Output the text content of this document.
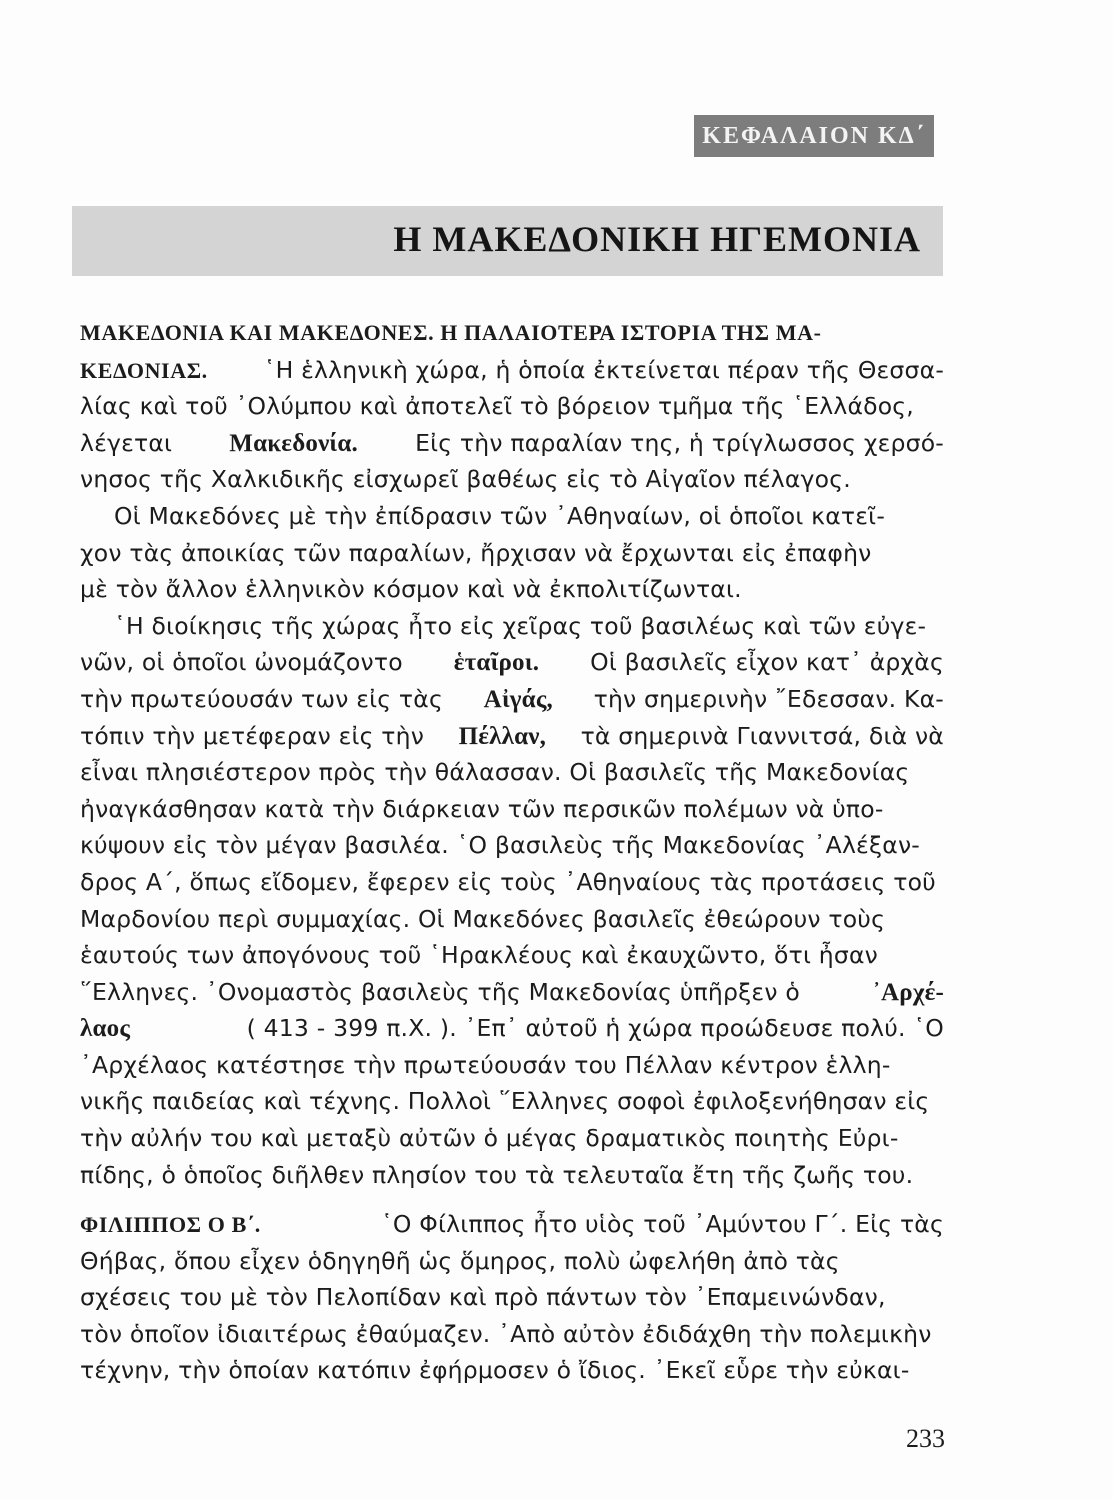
ΚΕΦΑΛΑΙΟΝ ΚΔ΄
Η ΜΑΚΕΔΟΝΙΚΗ ΗΓΕΜΟΝΙΑ
ΜΑΚΕΔΟΝΙΑ ΚΑΙ ΜΑΚΕΔΟΝΕΣ. Η ΠΑΛΑΙΟΤΕΡΑ ΙΣΤΟΡΙΑ ΤΗΣ ΜΑ-
ΚΕΔΟΝΙΑΣ. ῾Η ἑλληνικὴ χώρα, ἡ ὁποία ἐκτείνεται πέραν τῆς Θεσσα-
λίας καὶ τοῦ ᾿Ολύμπου καὶ ἀποτελεῖ τὸ βόρειον τμῆμα τῆς ῾Ελλάδος,
λέγεται Μακεδονία. Εἰς τὴν παραλίαν της, ἡ τρίγλωσσος χερσό-
νησος τῆς Χαλκιδικῆς εἰσχωρεῖ βαθέως εἰς τὸ Αἰγαῖον πέλαγος.
Οἱ Μακεδόνες μὲ τὴν ἐπίδρασιν τῶν ᾿Αθηναίων, οἱ ὁποῖοι κατεῖ-
χον τὰς ἀποικίας τῶν παραλίων, ἤρχισαν νὰ ἔρχωνται εἰς ἐπαφὴν
μὲ τὸν ἄλλον ἑλληνικὸν κόσμον καὶ νὰ ἐκπολιτίζωνται.
῾Η διοίκησις τῆς χώρας ἦτο εἰς χεῖρας τοῦ βασιλέως καὶ τῶν εὐγε-
νῶν, οἱ ὁποῖοι ὠνομάζοντο ἑταῖροι. Οἱ βασιλεῖς εἶχον κατ᾿ ἀρχὰς
τὴν πρωτεύουσάν των εἰς τὰς Αἰγάς, τὴν σημερινὴν ῎Εδεσσαν. Κα-
τόπιν τὴν μετέφεραν εἰς τὴν Πέλλαν, τὰ σημερινὰ Γιαννιτσά, διὰ νὰ
εἶναι πλησιέστερον πρὸς τὴν θάλασσαν. Οἱ βασιλεῖς τῆς Μακεδονίας
ἠναγκάσθησαν κατὰ τὴν διάρκειαν τῶν περσικῶν πολέμων νὰ ὑπο-
κύψουν εἰς τὸν μέγαν βασιλέα. ῾Ο βασιλεὺς τῆς Μακεδονίας ᾿Αλέξαν-
δρος Α΄, ὅπως εἴδομεν, ἔφερεν εἰς τοὺς ᾿Αθηναίους τὰς προτάσεις τοῦ
Μαρδονίου περὶ συμμαχίας. Οἱ Μακεδόνες βασιλεῖς ἐθεώρουν τοὺς
ἑαυτούς των ἀπογόνους τοῦ ῾Ηρακλέους καὶ ἐκαυχῶντο, ὅτι ἦσαν
῞Ελληνες. ᾿Ονομαστὸς βασιλεὺς τῆς Μακεδονίας ὑπῆρξεν ὁ	᾿Αρχέ-
λαος	( 413 - 399 π.Χ. ). ᾿Επ᾿ αὐτοῦ ἡ χώρα προώδευσε πολύ. ῾Ο
᾿Αρχέλαος κατέστησε τὴν πρωτεύουσάν του Πέλλαν κέντρον ἑλλη-
νικῆς παιδείας καὶ τέχνης. Πολλοὶ ῞Ελληνες σοφοὶ ἐφιλοξενήθησαν εἰς
τὴν αὐλήν του καὶ μεταξὺ αὐτῶν ὁ μέγας δραματικὸς ποιητὴς Εὐρι-
πίδης, ὁ ὁποῖος διῆλθεν πλησίον του τὰ τελευταῖα ἔτη τῆς ζωῆς του.
ΦΙΛΙΠΠΟΣ Ο Β΄.	῾Ο Φίλιππος ἦτο υἱὸς τοῦ ᾿Αμύντου Γ΄. Εἰς τὰς
Θήβας, ὅπου εἶχεν ὁδηγηθῆ ὡς ὅμηρος, πολὺ ὠφελήθη ἀπὸ τὰς
σχέσεις του μὲ τὸν Πελοπίδαν καὶ πρὸ πάντων τὸν ᾿Επαμεινώνδαν,
τὸν ὁποῖον ἰδιαιτέρως ἐθαύμαζεν. ᾿Απὸ αὐτὸν ἐδιδάχθη τὴν πολεμικὴν
τέχνην, τὴν ὁποίαν κατόπιν ἐφήρμοσεν ὁ ἴδιος. ᾿Εκεῖ εὗρε τὴν εὐκαι-
233
